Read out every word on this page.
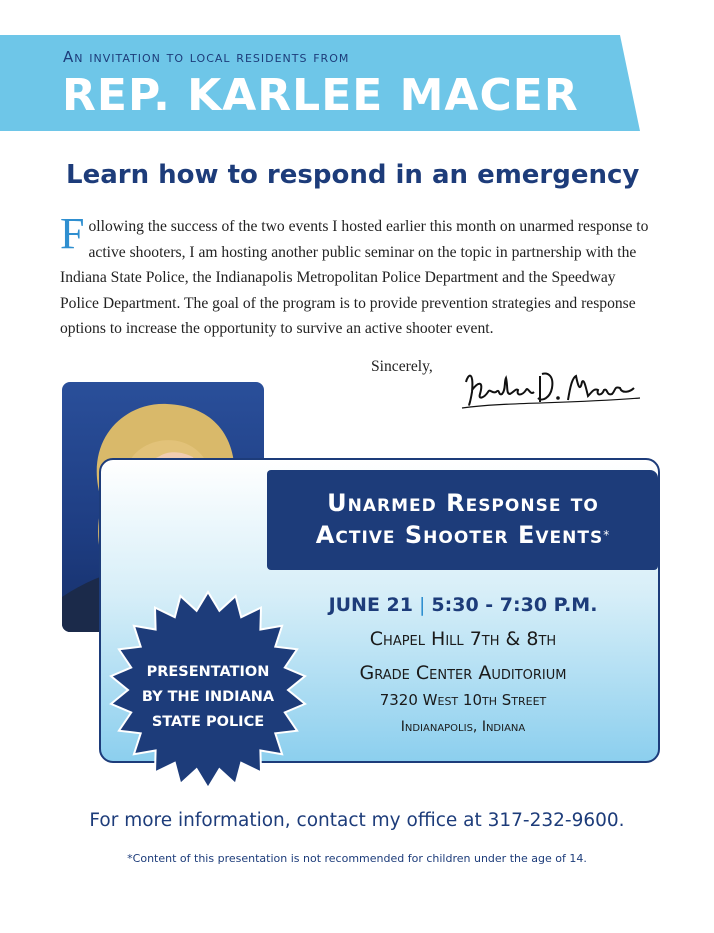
An invitation to local residents from
REP. KARLEE MACER
Learn how to respond in an emergency
Following the success of the two events I hosted earlier this month on unarmed response to active shooters, I am hosting another public seminar on the topic in partnership with the Indiana State Police, the Indianapolis Metropolitan Police Department and the Speedway Police Department. The goal of the program is to provide prevention strategies and response options to increase the opportunity to survive an active shooter event.
Sincerely,
Unarmed Response to
Active Shooter Events*
JUNE 21 | 5:30 - 7:30 P.M.
Chapel Hill 7th & 8th
Grade Center Auditorium
7320 West 10th Street
Indianapolis, Indiana
PRESENTATION
BY THE INDIANA
STATE POLICE
For more information, contact my office at 317-232-9600.
*Content of this presentation is not recommended for children under the age of 14.
